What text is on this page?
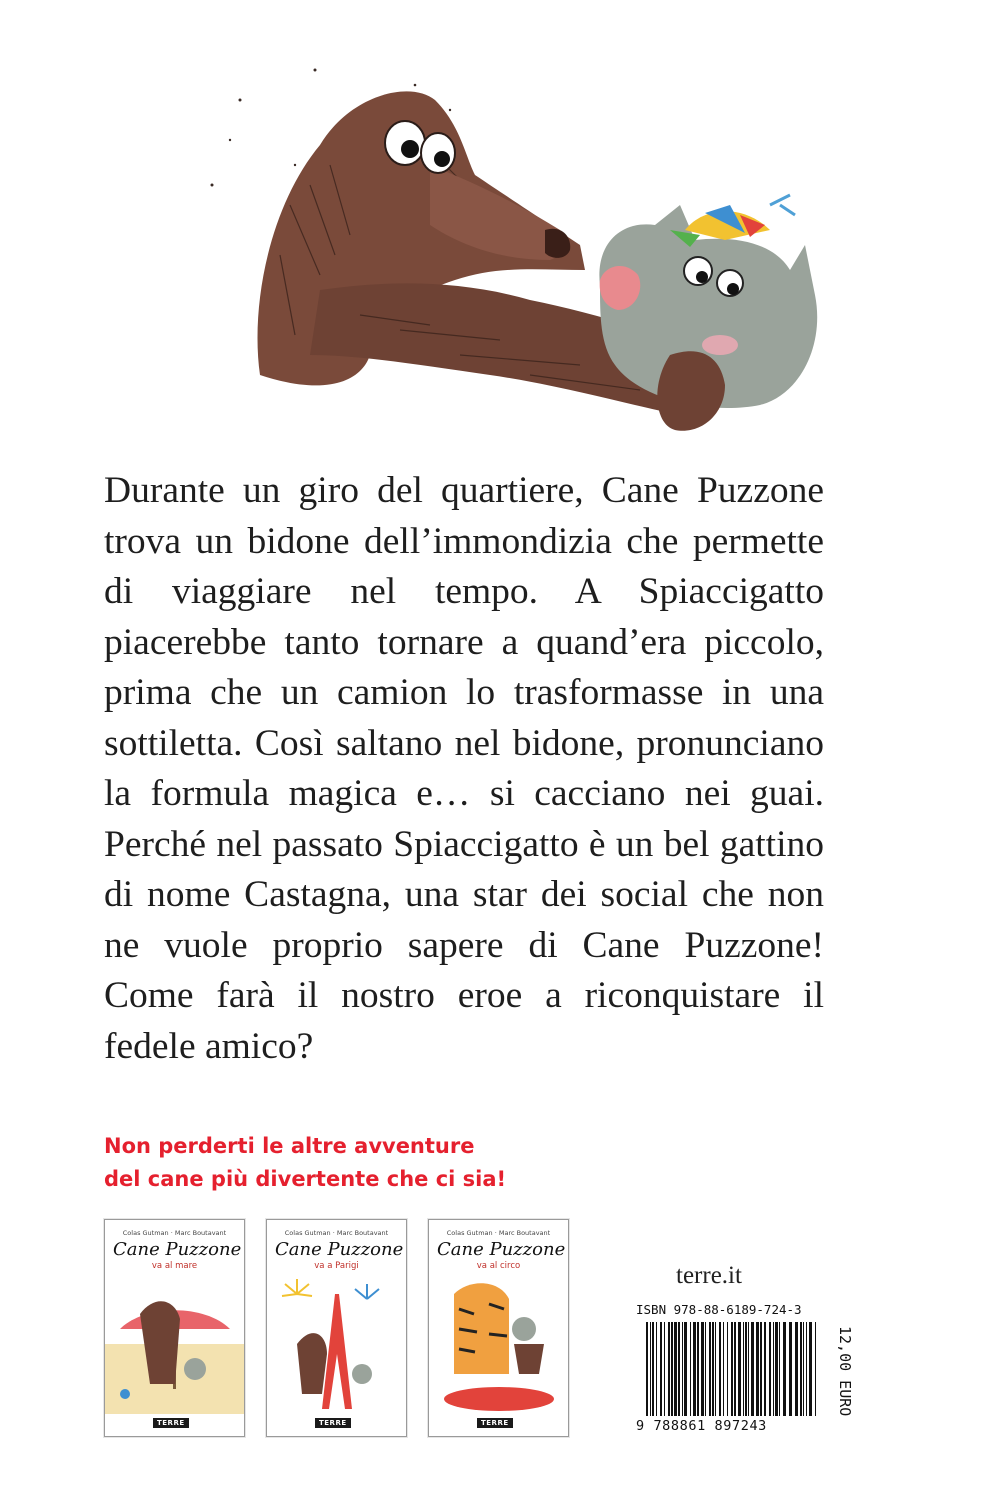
Durante un giro del quartiere, Cane Puzzone trova un bidone dell’immondizia che permette di viaggiare nel tempo. A Spiaccigatto piacerebbe tanto tornare a quand’era piccolo, prima che un camion lo trasformasse in una sottiletta. Così saltano nel bidone, pronunciano la formula magica e… si cacciano nei guai. Perché nel passato Spiaccigatto è un bel gattino di nome Castagna, una star dei social che non ne vuole proprio sapere di Cane Puzzone! Come farà il nostro eroe a riconquistare il fedele amico?

Non perderti le altre avventure
del cane più divertente che ci sia!
Colas Gutman · Marc Boutavant
Cane Puzzone
va al mare
TERRE
Colas Gutman · Marc Boutavant
Cane Puzzone
va a Parigi
TERRE
Colas Gutman · Marc Boutavant
Cane Puzzone
va al circo
TERRE
terre.it
ISBN 978-88-6189-724-3
9 788861 897243
12,00 EURO
